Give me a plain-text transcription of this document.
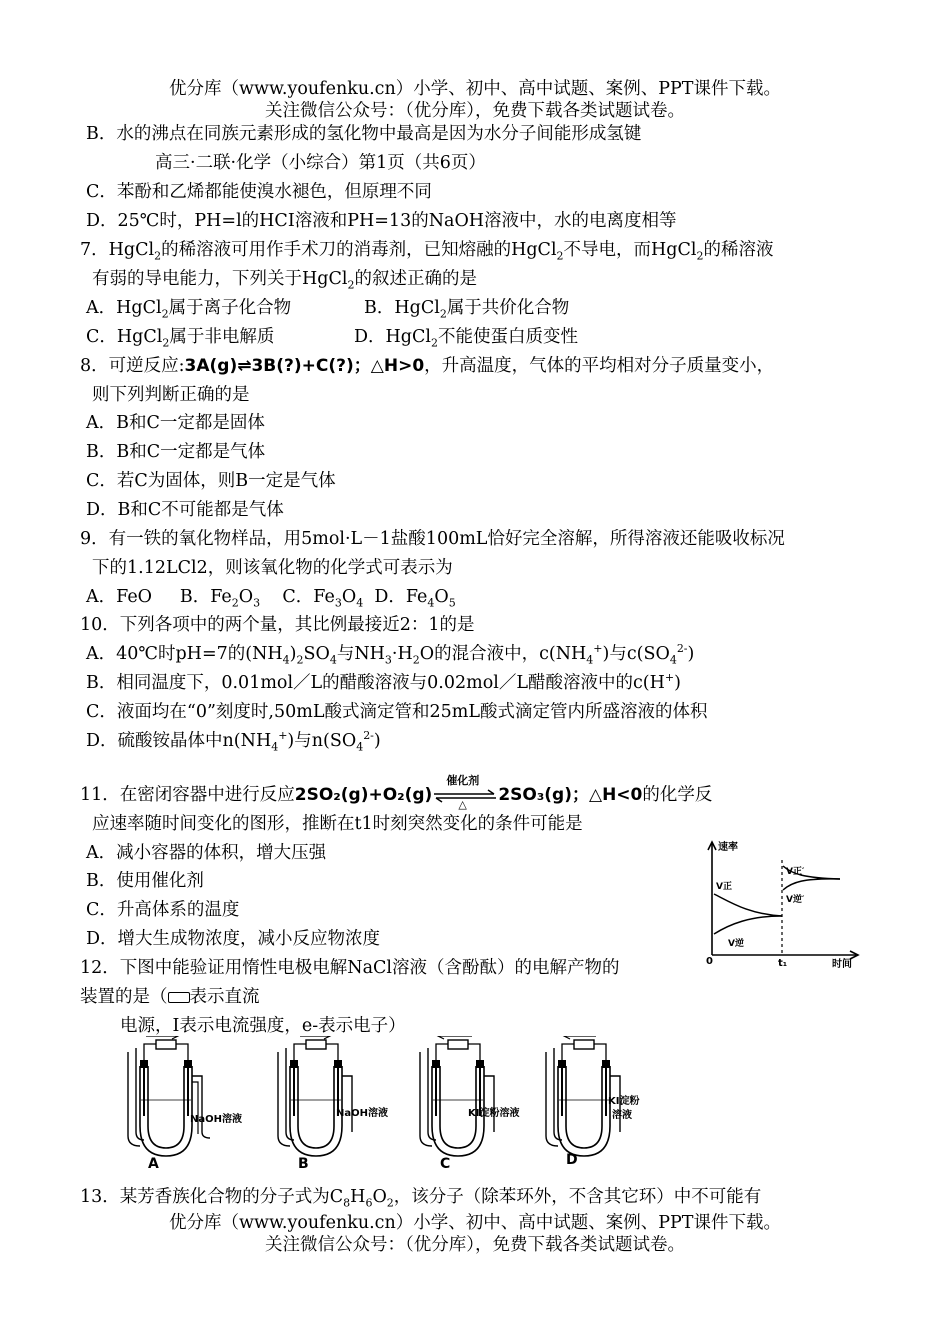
优分库（www.youfenku.cn）小学、初中、高中试题、案例、PPT课件下载。
关注微信公众号：（优分库），免费下载各类试题试卷。
B．水的沸点在同族元素形成的氢化物中最高是因为水分子间能形成氢键
高三·二联·化学（小综合）第1页（共6页）
C．苯酚和乙烯都能使溴水褪色，但原理不同
D．25℃时，PH=l的HCI溶液和PH=13的NaOH溶液中，水的电离度相等
7．HgCl$_2$的稀溶液可用作手术刀的消毒剂，已知熔融的HgCl$_2$不导电，而HgCl$_2$的稀溶液
有弱的导电能力，下列关于HgCl$_2$的叙述正确的是
A．HgCl$_2$属于离子化合物	B．HgCl$_2$属于共价化合物
C．HgCl$_2$属于非电解质	D．HgCl$_2$不能使蛋白质变性
8．可逆反应:3A(g)⇌3B(?)+C(?)；△H>0，升高温度，气体的平均相对分子质量变小，
则下列判断正确的是
A．B和C一定都是固体
B．B和C一定都是气体
C．若C为固体，则B一定是气体
D．B和C不可能都是气体
9．有一铁的氧化物样品，用5mol·L－1盐酸100mL恰好完全溶解，所得溶液还能吸收标况
下的1.12LCl2，则该氧化物的化学式可表示为
A．FeO B．$Fe_2O_3$ C．$Fe_3O_4$ D．$Fe_4O_5$
10．下列各项中的两个量，其比例最接近2：1的是
A．40℃时pH=7的$(NH_4)_2SO_4$与$NH_3\cdot H_2O$的混合液中，$c(NH_4^+)$与$c(SO_4^{2-})$
B．相同温度下，0.01mol／L的醋酸溶液与0.02mol／L醋酸溶液中的c(H+)
C．液面均在“0”刻度时,50mL酸式滴定管和25mL酸式滴定管内所盛溶液的体积
D．硫酸铵晶体中$n(NH_4^+)$与$n(SO_4^{2-})$
11．在密闭容器中进行反应2SO₂(g)+O₂(g)
催化剂
△ 2SO₃(g)；△H<0的化学反
应速率随时间变化的图形，推断在t1时刻突然变化的条件可能是
A．减小容器的体积，增大压强
B．使用催化剂
C．升高体系的温度
D．增大生成物浓度，减小反应物浓度
速率
时间
0	t₁
V正
V逆
V正′
V逆′
12．下图中能验证用惰性电极电解NaCl溶液（含酚酞）的电解产物的
装置的是（ 表示直流
电源，I表示电流强度，e-表示电子）
NaOH溶液
A
NaOH溶液
B
KI淀粉溶液
C
KI淀粉
溶液
D
13．某芳香族化合物的分子式为$C_8H_6O_2$，该分子（除苯环外，不含其它环）中不可能有
优分库（www.youfenku.cn）小学、初中、高中试题、案例、PPT课件下载。
关注微信公众号：（优分库），免费下载各类试题试卷。
